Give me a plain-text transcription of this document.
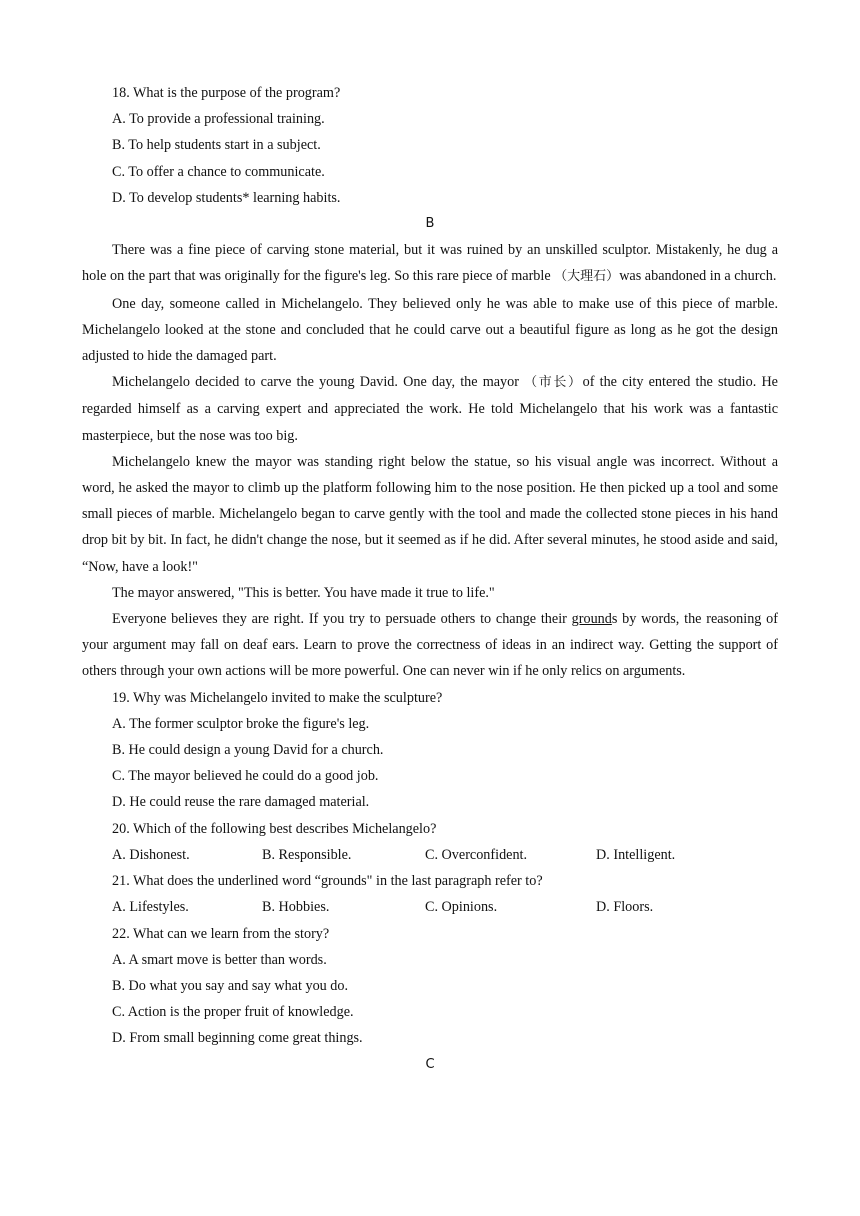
18. What is the purpose of the program?

A. To provide a professional training.

B. To help students start in a subject.

C. To offer a chance to communicate.

D. To develop students* learning habits.

B

There was a fine piece of carving stone material, but it was ruined by an unskilled sculptor. Mistakenly, he dug a hole on the part that was originally for the figure's leg. So this rare piece of marble （大理石）was abandoned in a church.

One day, someone called in Michelangelo. They believed only he was able to make use of this piece of marble. Michelangelo looked at the stone and concluded that he could carve out a beautiful figure as long as he got the design adjusted to hide the damaged part.

Michelangelo decided to carve the young David. One day, the mayor （市长）of the city entered the studio. He regarded himself as a carving expert and appreciated the work. He told Michelangelo that his work was a fantastic masterpiece, but the nose was too big.

Michelangelo knew the mayor was standing right below the statue, so his visual angle was incorrect. Without a word, he asked the mayor to climb up the platform following him to the nose position. He then picked up a tool and some small pieces of marble. Michelangelo began to carve gently with the tool and made the collected stone pieces in his hand drop bit by bit. In fact, he didn't change the nose, but it seemed as if he did. After several minutes, he stood aside and said, “Now, have a look!"

The mayor answered, "This is better. You have made it true to life."

Everyone believes they are right. If you try to persuade others to change their grounds by words, the reasoning of your argument may fall on deaf ears. Learn to prove the correctness of ideas in an indirect way. Getting the support of others through your own actions will be more powerful. One can never win if he only relics on arguments.

19. Why was Michelangelo invited to make the sculpture?

A. The former sculptor broke the figure's leg.

B. He could design a young David for a church.

C. The mayor believed he could do a good job.

D. He could reuse the rare damaged material.

20. Which of the following best describes Michelangelo?

A. Dishonest.	B. Responsible.	C. Overconfident.	D. Intelligent.

21. What does the underlined word “grounds" in the last paragraph refer to?

A. Lifestyles.	B. Hobbies.	C. Opinions.	D. Floors.

22. What can we learn from the story?

A. A smart move is better than words.

B. Do what you say and say what you do.

C. Action is the proper fruit of knowledge.

D. From small beginning come great things.

C
